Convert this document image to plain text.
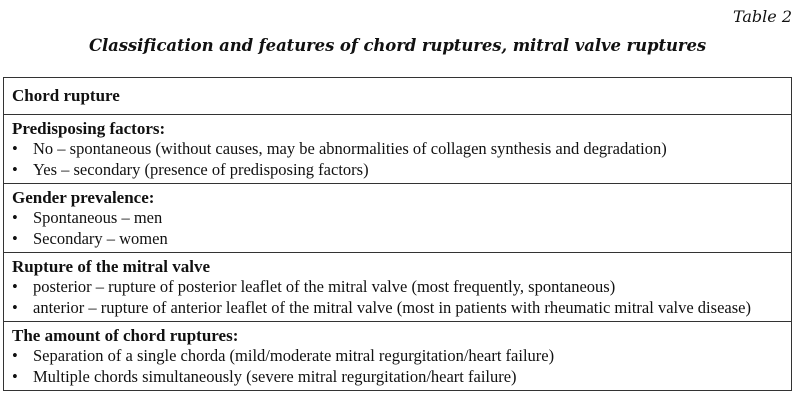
Table 2
Classification and features of chord ruptures, mitral valve ruptures
Chord rupture

Predisposing factors:
• No – spontaneous (without causes, may be abnormalities of collagen synthesis and degradation)
• Yes – secondary (presence of predisposing factors)

Gender prevalence:
• Spontaneous – men
• Secondary – women

Rupture of the mitral valve
• posterior – rupture of posterior leaflet of the mitral valve (most frequently, spontaneous)
• anterior – rupture of anterior leaflet of the mitral valve (most in patients with rheumatic mitral valve disease)

The amount of chord ruptures:
• Separation of a single chorda (mild/moderate mitral regurgitation/heart failure)
• Multiple chords simultaneously (severe mitral regurgitation/heart failure)
